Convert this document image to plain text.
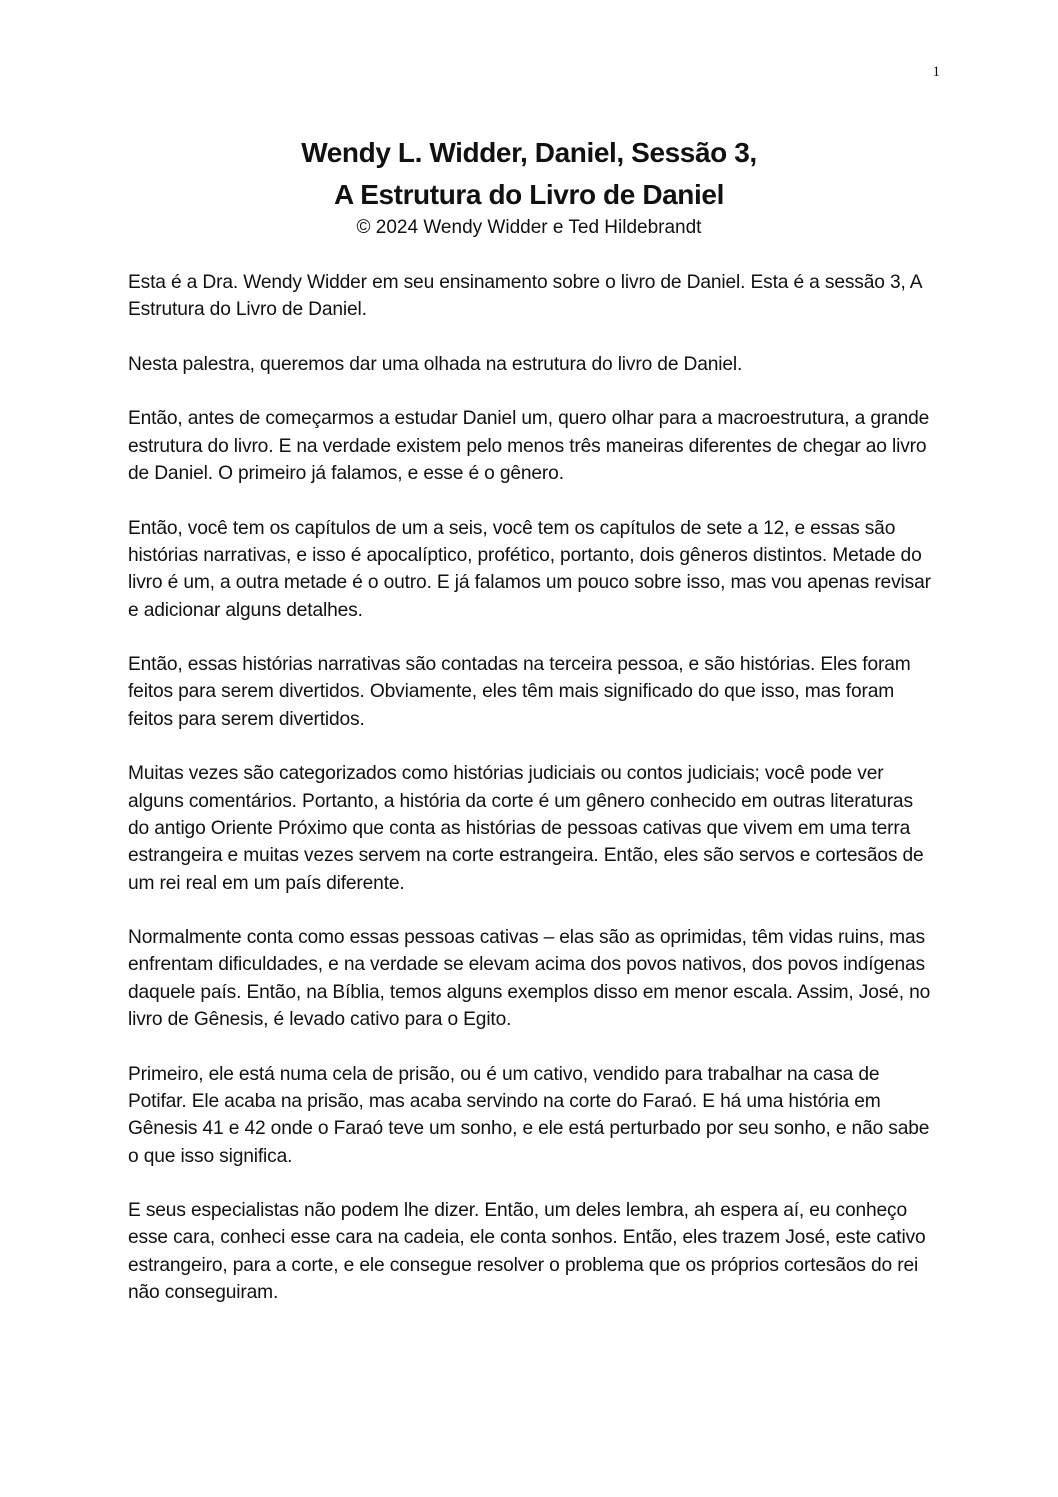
1
Wendy L. Widder, Daniel, Sessão 3,
A Estrutura do Livro de Daniel
© 2024 Wendy Widder e Ted Hildebrandt

Esta é a Dra. Wendy Widder em seu ensinamento sobre o livro de Daniel. Esta é a sessão 3, A Estrutura do Livro de Daniel.

Nesta palestra, queremos dar uma olhada na estrutura do livro de Daniel.

Então, antes de começarmos a estudar Daniel um, quero olhar para a macroestrutura, a grande estrutura do livro. E na verdade existem pelo menos três maneiras diferentes de chegar ao livro de Daniel. O primeiro já falamos, e esse é o gênero.

Então, você tem os capítulos de um a seis, você tem os capítulos de sete a 12, e essas são histórias narrativas, e isso é apocalíptico, profético, portanto, dois gêneros distintos. Metade do livro é um, a outra metade é o outro. E já falamos um pouco sobre isso, mas vou apenas revisar e adicionar alguns detalhes.

Então, essas histórias narrativas são contadas na terceira pessoa, e são histórias. Eles foram feitos para serem divertidos. Obviamente, eles têm mais significado do que isso, mas foram feitos para serem divertidos.

Muitas vezes são categorizados como histórias judiciais ou contos judiciais; você pode ver alguns comentários. Portanto, a história da corte é um gênero conhecido em outras literaturas do antigo Oriente Próximo que conta as histórias de pessoas cativas que vivem em uma terra estrangeira e muitas vezes servem na corte estrangeira. Então, eles são servos e cortesãos de um rei real em um país diferente.

Normalmente conta como essas pessoas cativas – elas são as oprimidas, têm vidas ruins, mas enfrentam dificuldades, e na verdade se elevam acima dos povos nativos, dos povos indígenas daquele país. Então, na Bíblia, temos alguns exemplos disso em menor escala. Assim, José, no livro de Gênesis, é levado cativo para o Egito.

Primeiro, ele está numa cela de prisão, ou é um cativo, vendido para trabalhar na casa de Potifar. Ele acaba na prisão, mas acaba servindo na corte do Faraó. E há uma história em Gênesis 41 e 42 onde o Faraó teve um sonho, e ele está perturbado por seu sonho, e não sabe o que isso significa.

E seus especialistas não podem lhe dizer. Então, um deles lembra, ah espera aí, eu conheço esse cara, conheci esse cara na cadeia, ele conta sonhos. Então, eles trazem José, este cativo estrangeiro, para a corte, e ele consegue resolver o problema que os próprios cortesãos do rei não conseguiram.
